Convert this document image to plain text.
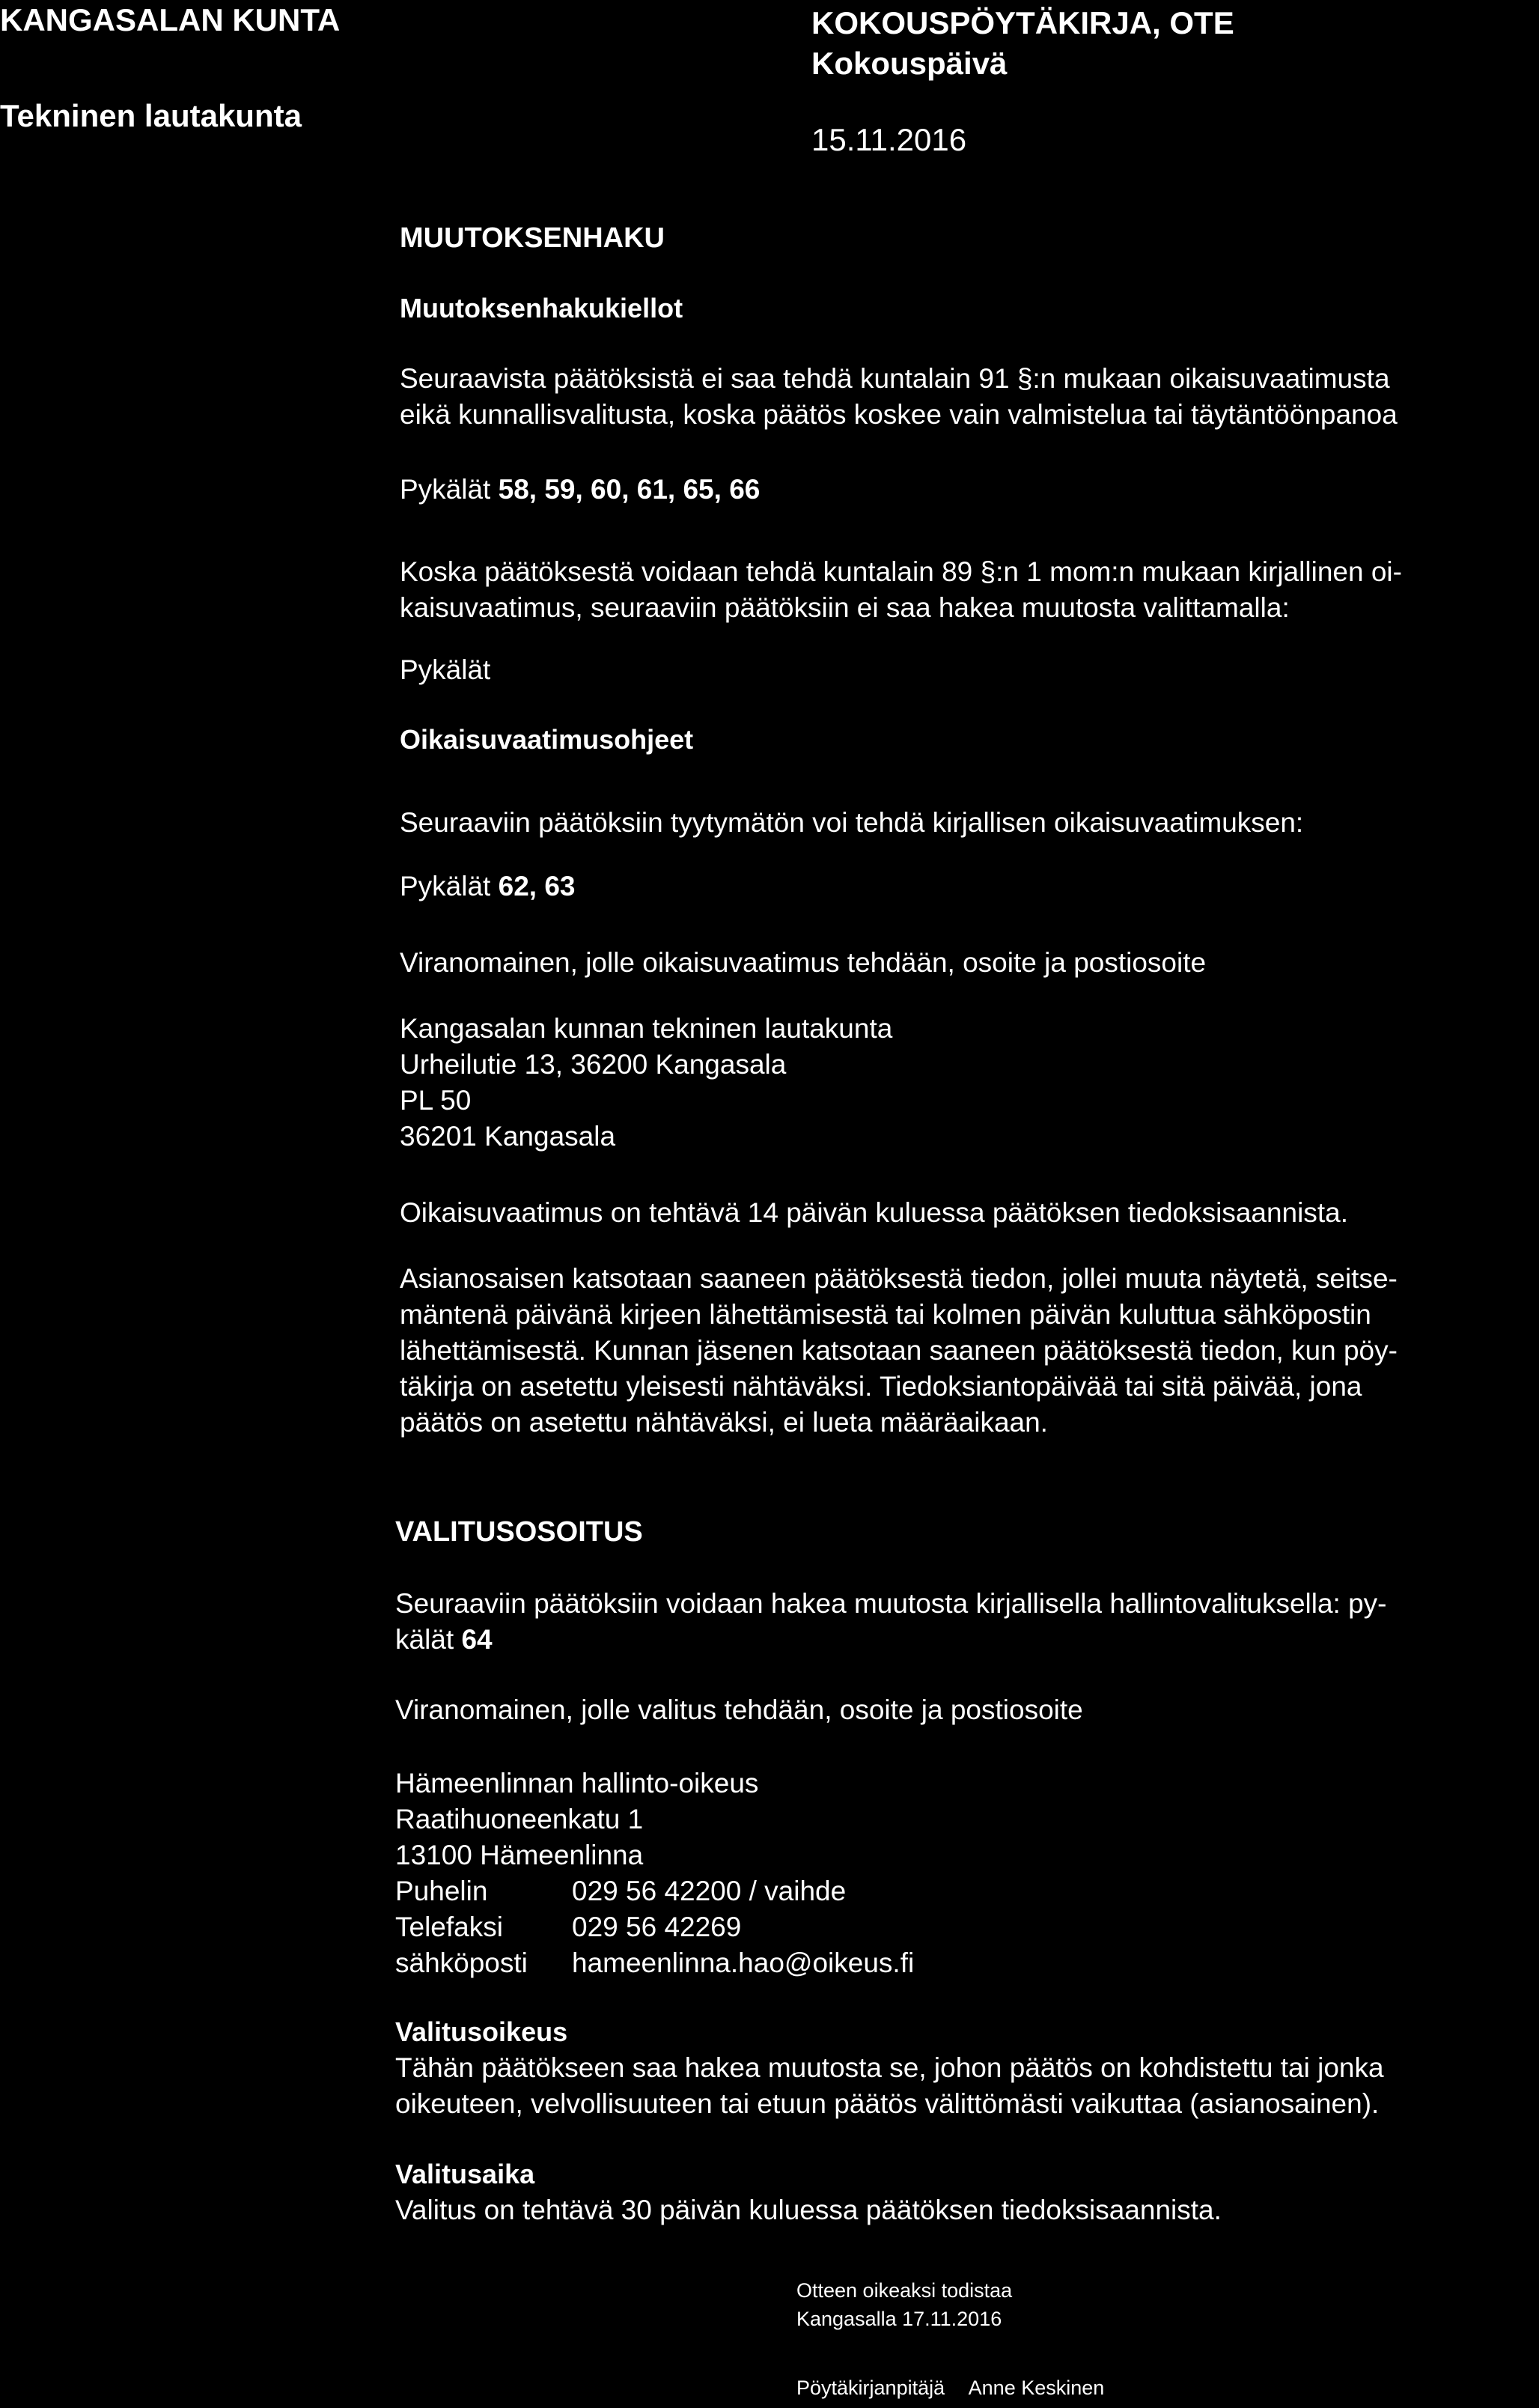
KANGASALAN KUNTA
Tekninen lautakunta
KOKOUSPÖYTÄKIRJA, OTE
Kokouspäivä
15.11.2016
MUUTOKSENHAKU
Muutoksenhakukiellot
Seuraavista päätöksistä ei saa tehdä kuntalain 91 §:n mukaan oikaisuvaatimusta
eikä kunnallisvalitusta, koska päätös koskee vain valmistelua tai täytäntöönpanoa
Pykälät 58, 59, 60, 61, 65, 66
Koska päätöksestä voidaan tehdä kuntalain 89 §:n 1 mom:n mukaan kirjallinen oi-
kaisuvaatimus, seuraaviin päätöksiin ei saa hakea muutosta valittamalla:
Pykälät
Oikaisuvaatimusohjeet
Seuraaviin päätöksiin tyytymätön voi tehdä kirjallisen oikaisuvaatimuksen:
Pykälät 62, 63
Viranomainen, jolle oikaisuvaatimus tehdään, osoite ja postiosoite
Kangasalan kunnan tekninen lautakunta
Urheilutie 13, 36200 Kangasala
PL 50
36201 Kangasala
Oikaisuvaatimus on tehtävä 14 päivän kuluessa päätöksen tiedoksisaannista.
Asianosaisen katsotaan saaneen päätöksestä tiedon, jollei muuta näytetä, seitse-
mäntenä päivänä kirjeen lähettämisestä tai kolmen päivän kuluttua sähköpostin
lähettämisestä. Kunnan jäsenen katsotaan saaneen päätöksestä tiedon, kun pöy-
täkirja on asetettu yleisesti nähtäväksi. Tiedoksiantopäivää tai sitä päivää, jona
päätös on asetettu nähtäväksi, ei lueta määräaikaan.
VALITUSOSOITUS
Seuraaviin päätöksiin voidaan hakea muutosta kirjallisella hallintovalituksella: py-
kälät 64
Viranomainen, jolle valitus tehdään, osoite ja postiosoite
Hämeenlinnan hallinto-oikeus
Raatihuoneenkatu 1
13100 Hämeenlinna
Puhelin	029 56 42200 / vaihde
Telefaksi 029 56 42269
sähköposti hameenlinna.hao@oikeus.fi
Valitusoikeus
Tähän päätökseen saa hakea muutosta se, johon päätös on kohdistettu tai jonka
oikeuteen, velvollisuuteen tai etuun päätös välittömästi vaikuttaa (asianosainen).
Valitusaika
Valitus on tehtävä 30 päivän kuluessa päätöksen tiedoksisaannista.
Otteen oikeaksi todistaa
Kangasalla 17.11.2016
Pöytäkirjanpitäjä Anne Keskinen
